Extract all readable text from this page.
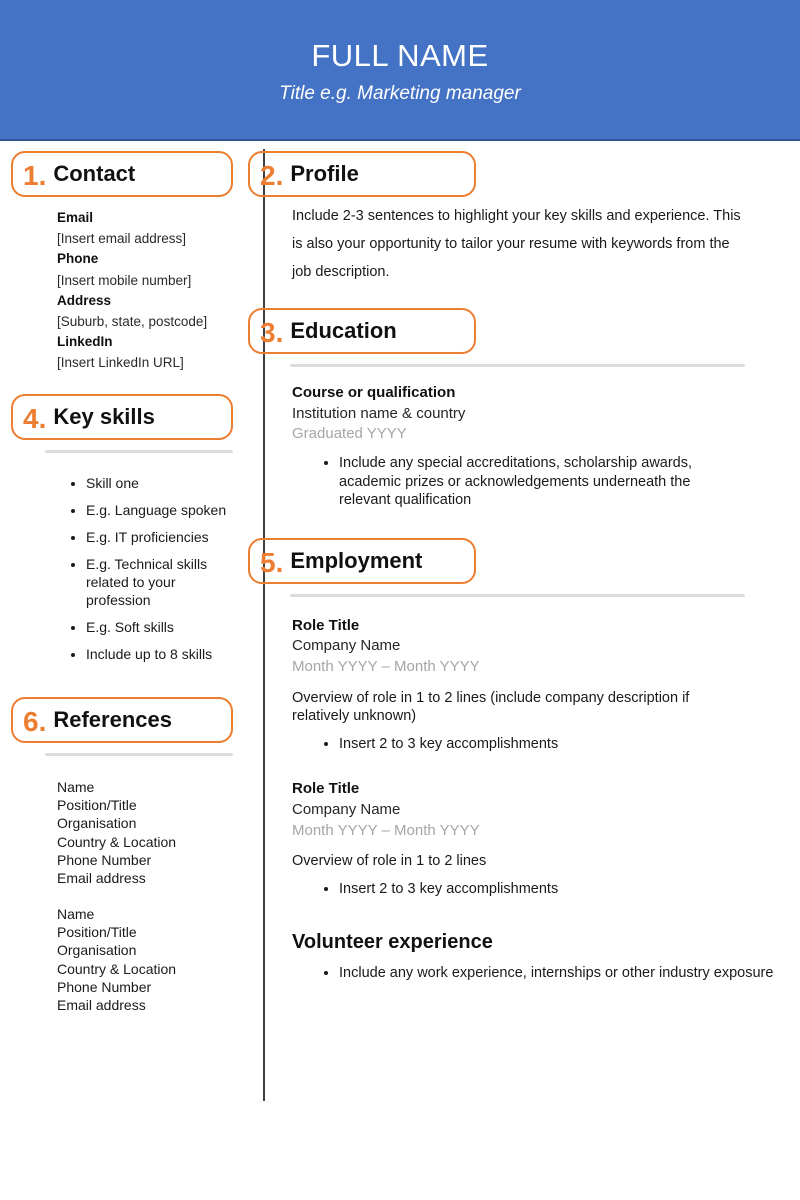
FULL NAME
Title e.g. Marketing manager
1. Contact
Email
[Insert email address]
Phone
[Insert mobile number]
Address
[Suburb, state, postcode]
LinkedIn
[Insert LinkedIn URL]
4. Key skills
• Skill one
• E.g. Language spoken
• E.g. IT proficiencies
• E.g. Technical skills related to your profession
• E.g. Soft skills
• Include up to 8 skills
6. References
Name
Position/Title
Organisation
Country & Location
Phone Number
Email address
Name
Position/Title
Organisation
Country & Location
Phone Number
Email address
2. Profile
Include 2-3 sentences to highlight your key skills and experience. This is also your opportunity to tailor your resume with keywords from the job description.
3. Education
Course or qualification
Institution name & country
Graduated YYYY
• Include any special accreditations, scholarship awards, academic prizes or acknowledgements underneath the relevant qualification
5. Employment
Role Title
Company Name
Month YYYY – Month YYYY
Overview of role in 1 to 2 lines (include company description if relatively unknown)
• Insert 2 to 3 key accomplishments
Role Title
Company Name
Month YYYY – Month YYYY
Overview of role in 1 to 2 lines
• Insert 2 to 3 key accomplishments
Volunteer experience
• Include any work experience, internships or other industry exposure
